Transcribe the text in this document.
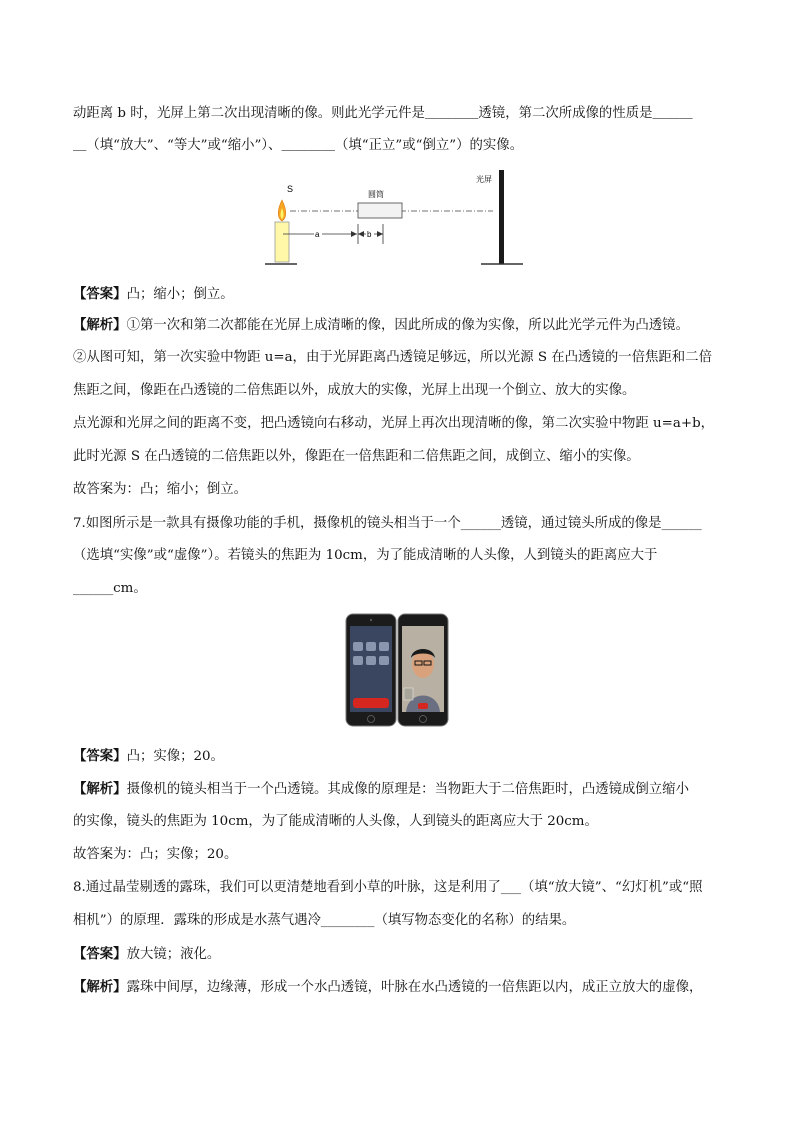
动距离 b 时，光屏上第二次出现清晰的像。则此光学元件是＿＿＿＿透镜，第二次所成像的性质是＿＿＿
＿（填“放大”、“等大”或“缩小”）、＿＿＿＿（填“正立”或“倒立”）的实像。
S
圆筒
光屏
a	b
【答案】凸；缩小；倒立。
【解析】①第一次和第二次都能在光屏上成清晰的像，因此所成的像为实像，所以此光学元件为凸透镜。
②从图可知，第一次实验中物距 u=a，由于光屏距离凸透镜足够远，所以光源 S 在凸透镜的一倍焦距和二倍
焦距之间，像距在凸透镜的二倍焦距以外，成放大的实像，光屏上出现一个倒立、放大的实像。
点光源和光屏之间的距离不变，把凸透镜向右移动，光屏上再次出现清晰的像，第二次实验中物距 u=a+b，
此时光源 S 在凸透镜的二倍焦距以外，像距在一倍焦距和二倍焦距之间，成倒立、缩小的实像。
故答案为：凸；缩小；倒立。
7.如图所示是一款具有摄像功能的手机，摄像机的镜头相当于一个______透镜，通过镜头所成的像是______
（选填“实像”或“虚像”）。若镜头的焦距为 10cm，为了能成清晰的人头像，人到镜头的距离应大于
______cm。
【答案】凸；实像；20。
【解析】摄像机的镜头相当于一个凸透镜。其成像的原理是：当物距大于二倍焦距时，凸透镜成倒立缩小
的实像，镜头的焦距为 10cm，为了能成清晰的人头像，人到镜头的距离应大于 20cm。
故答案为：凸；实像；20。
8.通过晶莹剔透的露珠，我们可以更清楚地看到小草的叶脉，这是利用了___（填“放大镜”、“幻灯机”或“照
相机”）的原理．露珠的形成是水蒸气遇冷________（填写物态变化的名称）的结果。
【答案】放大镜；液化。
【解析】露珠中间厚，边缘薄，形成一个水凸透镜，叶脉在水凸透镜的一倍焦距以内，成正立放大的虚像，
